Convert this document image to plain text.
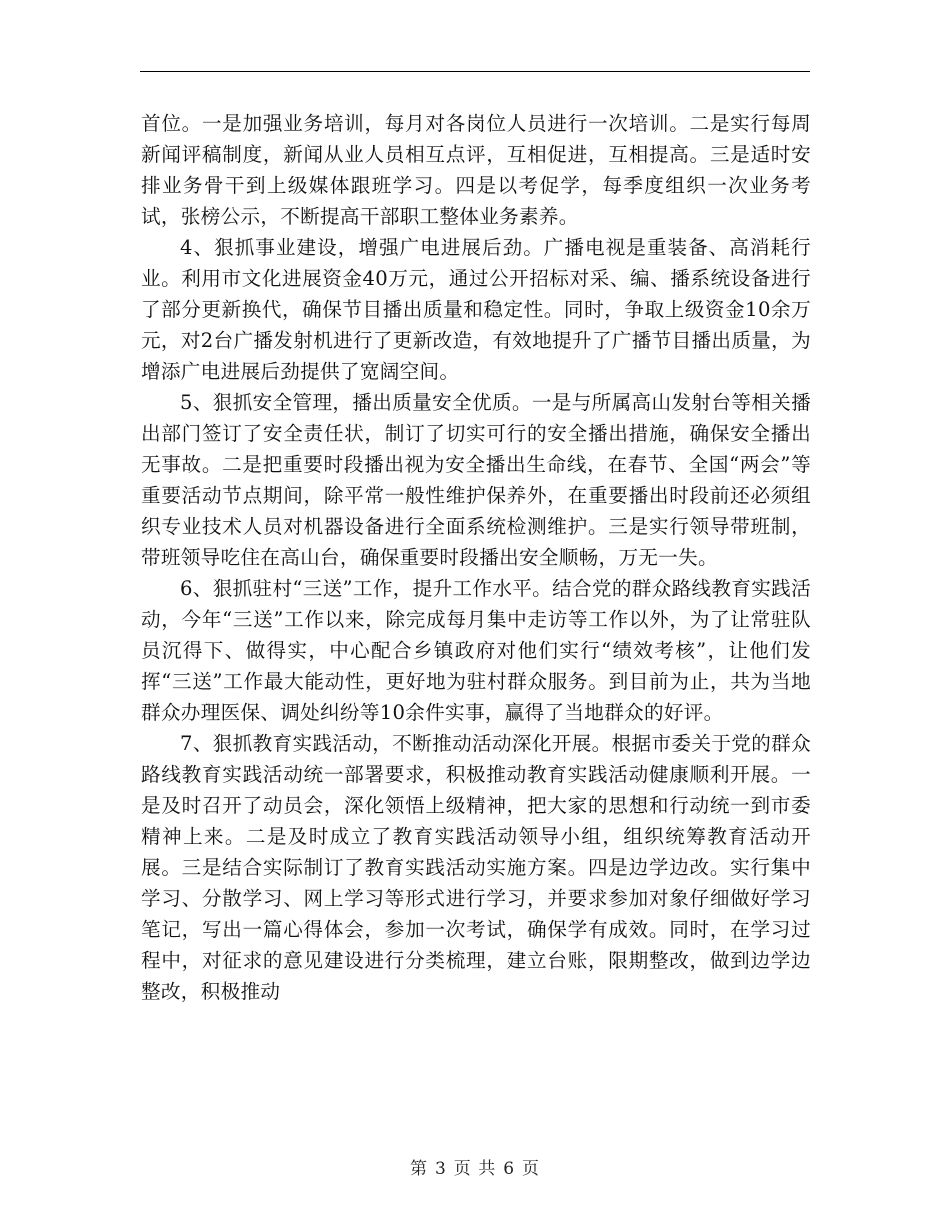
首位。一是加强业务培训，每月对各岗位人员进行一次培训。二是实行每周新闻评稿制度，新闻从业人员相互点评，互相促进，互相提高。三是适时安排业务骨干到上级媒体跟班学习。四是以考促学，每季度组织一次业务考试，张榜公示，不断提高干部职工整体业务素养。

4、狠抓事业建设，增强广电进展后劲。广播电视是重装备、高消耗行业。利用市文化进展资金40万元，通过公开招标对采、编、播系统设备进行了部分更新换代，确保节目播出质量和稳定性。同时，争取上级资金10余万元，对2台广播发射机进行了更新改造，有效地提升了广播节目播出质量，为增添广电进展后劲提供了宽阔空间。

5、狠抓安全管理，播出质量安全优质。一是与所属高山发射台等相关播出部门签订了安全责任状，制订了切实可行的安全播出措施，确保安全播出无事故。二是把重要时段播出视为安全播出生命线，在春节、全国“两会”等重要活动节点期间，除平常一般性维护保养外，在重要播出时段前还必须组织专业技术人员对机器设备进行全面系统检测维护。三是实行领导带班制，带班领导吃住在高山台，确保重要时段播出安全顺畅，万无一失。

6、狠抓驻村“三送”工作，提升工作水平。结合党的群众路线教育实践活动，今年“三送”工作以来，除完成每月集中走访等工作以外，为了让常驻队员沉得下、做得实，中心配合乡镇政府对他们实行“绩效考核”，让他们发挥“三送”工作最大能动性，更好地为驻村群众服务。到目前为止，共为当地群众办理医保、调处纠纷等10余件实事，赢得了当地群众的好评。

7、狠抓教育实践活动，不断推动活动深化开展。根据市委关于党的群众路线教育实践活动统一部署要求，积极推动教育实践活动健康顺利开展。一是及时召开了动员会，深化领悟上级精神，把大家的思想和行动统一到市委精神上来。二是及时成立了教育实践活动领导小组，组织统筹教育活动开展。三是结合实际制订了教育实践活动实施方案。四是边学边改。实行集中学习、分散学习、网上学习等形式进行学习，并要求参加对象仔细做好学习笔记，写出一篇心得体会，参加一次考试，确保学有成效。同时，在学习过程中，对征求的意见建设进行分类梳理，建立台账，限期整改，做到边学边整改，积极推动

第 3 页 共 6 页
